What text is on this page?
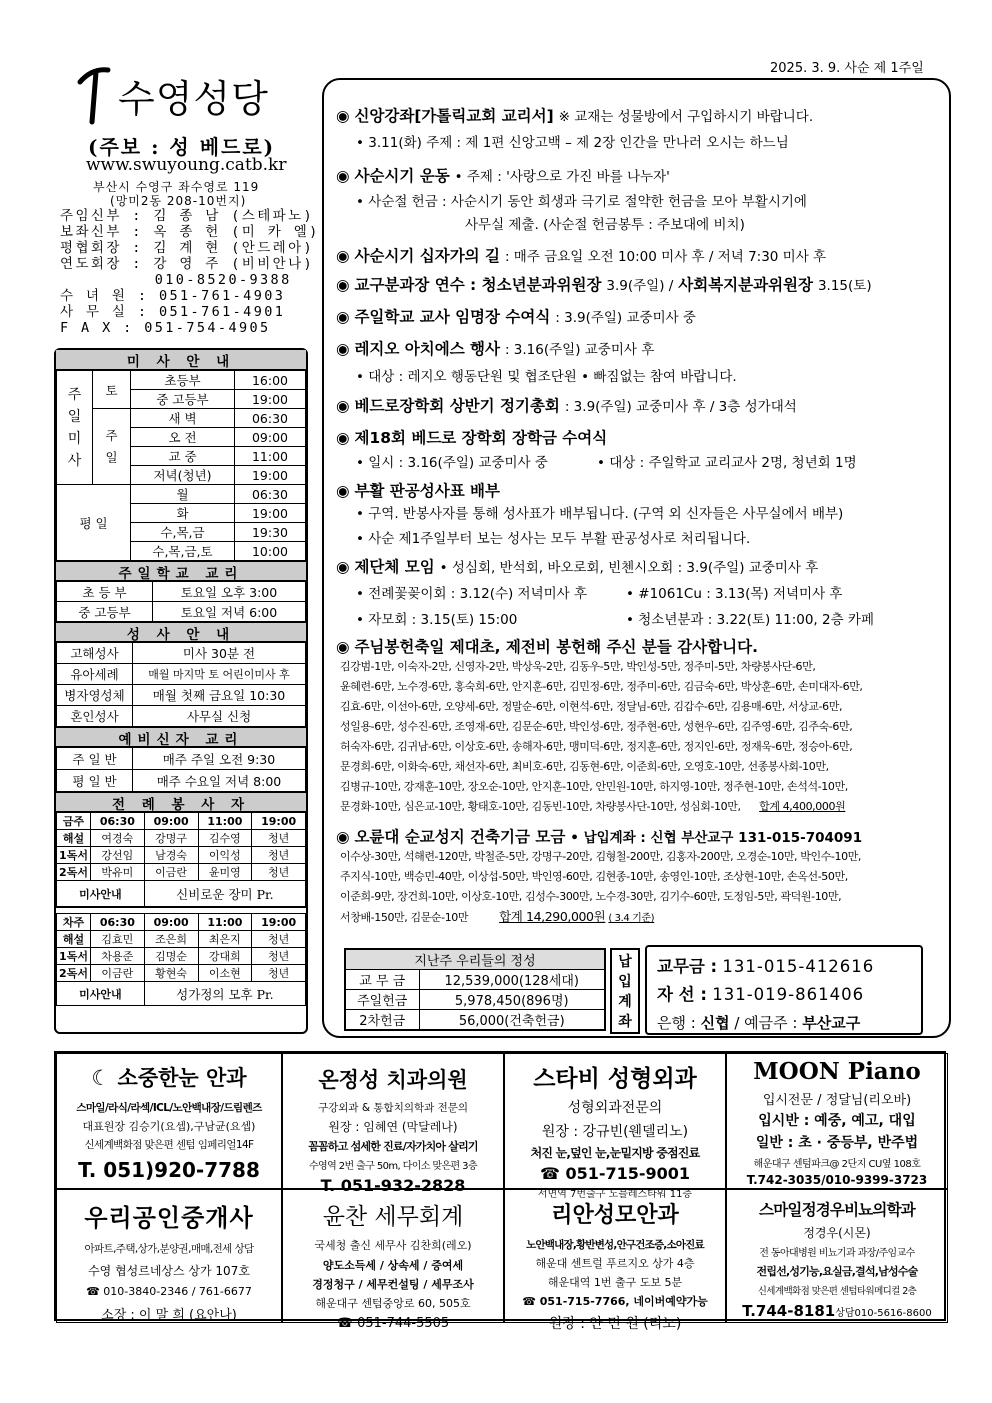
2025. 3. 9. 사순 제 1주일
수영성당
(주보 : 성 베드로)
www.swuyoung.catb.kr
부산시 수영구 좌수영로 119
(망미2동 208-10번지)
주임신부 : 김 종 남 (스테파노)
보좌신부 : 옥 종 헌 (미 카 엘)
평협회장 : 김 계 현 (안드레아)
연도회장 : 강 영 주 (비비안나)
010-8520-9388
수 녀 원 : 051-761-4903
사 무 실 : 051-761-4901
F A X : 051-754-4905
미 사 안 내
주
일
미
사	토	초등부	16:00
		중 고등부	19:00
	주
일	새 벽	06:30
		오 전	09:00
		교 중	11:00
		저녁(청년)	19:00
평 일		월	06:30
		화	19:00
		수,목,금	19:30
		수,목,금,토	10:00
주일학교 교리
초 등 부	토요일 오후 3:00
중 고등부	토요일 저녁 6:00
성 사 안 내
고해성사	미사 30분 전
유아세례	매월 마지막 토 어린이미사 후
병자영성체	매월 첫째 금요일 10:30
혼인성사	사무실 신청
예비신자 교리
주 일 반	매주 주일 오전 9:30
평 일 반	매주 수요일 저녁 8:00
전 례 봉 사 자
금주	06:30	09:00	11:00	19:00
해설	여경숙	강명구	김수영	청년
1독서	강선임	남경숙	이익성	청년
2독서	박유미	이금란	윤미영	청년
미사안내		신비로운 장미 Pr.		
차주	06:30	09:00	11:00	19:00
해설	김효민	조은희	최은지	청년
1독서	차용준	김명순	강대희	청년
2독서	이금란	황현숙	이소현	청년
미사안내		성가정의 모후 Pr.		
◉ 신앙강좌[가톨릭교회 교리서] ※ 교재는 성물방에서 구입하시기 바랍니다.
• 3.11(화) 주제 : 제 1편 신앙고백 – 제 2장 인간을 만나러 오시는 하느님
◉ 사순시기 운동 • 주제 : '사랑으로 가진 바를 나누자'
• 사순절 헌금 : 사순시기 동안 희생과 극기로 절약한 헌금을 모아 부활시기에
사무실 제출. (사순절 헌금봉투 : 주보대에 비치)
◉ 사순시기 십자가의 길 : 매주 금요일 오전 10:00 미사 후 / 저녁 7:30 미사 후
◉ 교구분과장 연수 : 청소년분과위원장 3.9(주일) / 사회복지분과위원장 3.15(토)
◉ 주일학교 교사 임명장 수여식 : 3.9(주일) 교중미사 중
◉ 레지오 아치에스 행사 : 3.16(주일) 교중미사 후
• 대상 : 레지오 행동단원 및 협조단원 • 빠짐없는 참여 바랍니다.
◉ 베드로장학회 상반기 정기총회 : 3.9(주일) 교중미사 후 / 3층 성가대석
◉ 제18회 베드로 장학회 장학금 수여식
• 일시 : 3.16(주일) 교중미사 중	• 대상 : 주일학교 교리교사 2명, 청년회 1명
◉ 부활 판공성사표 배부
• 구역. 반봉사자를 통해 성사표가 배부됩니다. (구역 외 신자들은 사무실에서 배부)
• 사순 제1주일부터 보는 성사는 모두 부활 판공성사로 처리됩니다.
◉ 제단체 모임 • 성심회, 반석회, 바오로회, 빈첸시오회 : 3.9(주일) 교중미사 후
• 전례꽃꽂이회 : 3.12(수) 저녁미사 후	• #1061Cu : 3.13(목) 저녁미사 후
• 자모회 : 3.15(토) 15:00	• 청소년분과 : 3.22(토) 11:00, 2층 카페
◉ 주님봉헌축일 제대초, 제전비 봉헌해 주신 분들 감사합니다.
김강범-1만, 이숙자-2만, 신영자-2만, 박상욱-2만, 김동우-5만, 박인성-5만, 정주미-5만, 차량봉사단-6만,
윤혜련-6만, 노수경-6만, 홍숙희-6만, 안지훈-6만, 김민정-6만, 정주미-6만, 김금숙-6만, 박상훈-6만, 손미대자-6만,
김효-6만, 이선아-6만, 오양세-6만, 정말순-6만, 이현석-6만, 정달님-6만, 김갑수-6만, 김용매-6만, 서상교-6만,
성일용-6만, 성수진-6만, 조영재-6만, 김문순-6만, 박인성-6만, 정주현-6만, 성현우-6만, 김주영-6만, 김주숙-6만,
허숙자-6만, 김귀남-6만, 이상호-6만, 송해자-6만, 맹미덕-6만, 정지훈-6만, 정지인-6만, 정재욱-6만, 정승아-6만,
문경희-6만, 이화숙-6만, 채선자-6만, 최비호-6만, 김동현-6만, 이준희-6만, 오영호-10만, 선종봉사회-10만,
김병규-10만, 강재훈-10만, 장오순-10만, 안지훈-10만, 안민원-10만, 하지영-10만, 정주현-10만, 손석석-10만,
문경화-10만, 심은교-10만, 황태호-10만, 김동빈-10만, 차량봉사단-10만, 성심회-10만, 합계 4,400,000원
◉ 오륜대 순교성지 건축기금 모금 • 납입계좌 : 신협 부산교구 131-015-704091
이수상-30만, 석해련-120만, 박철준-5만, 강명구-20만, 김형철-200만, 김홍자-200만, 오경순-10만, 박인수-10만,
주지식-10만, 백승민-40만, 이상섭-50만, 박인영-60만, 김현종-10만, 송영인-10만, 조상현-10만, 손옥선-50만,
이준희-9만, 장건희-10만, 이상호-10만, 김성수-300만, 노수경-30만, 김기수-60만, 도정임-5만, 곽덕원-10만,
서창배-150만, 김문순-10만 합계 14,290,000원 ( 3.4 기준)
지난주 우리들의 정성	
교 무 금	12,539,000(128세대)
주일헌금	5,978,450(896명)
2차헌금	56,000(건축헌금)
납입계좌
교무금 : 131-015-412616
자 선 : 131-019-861406
은행 : 신협 / 예금주 : 부산교구
☾ 소중한눈 안과
스마일/라식/라섹/ICL/노안백내장/드림렌즈
대표원장 김승기(요셉),구남균(요셉)
신세계백화점 맞은편 센텀 임페리얼14F
T. 051)920-7788
온정성 치과의원
구강외과 & 통합치의학과 전문의
원장 : 임혜연 (막달레나)
꼼꼼하고 섬세한 진료/자가치아 살리기
수영역 2번 출구 50m, 다이소 맞은편 3층
T. 051-932-2828
스타비 성형외과
성형외과전문의
원장 : 강규빈(웬델리노)
처진 눈,덮인 눈,눈밑지방 중점진료
☎ 051-715-9001
서면역 7번출구 노블레스타워 11층
MOON Piano
입시전문 / 정달님(리오바)
입시반 : 예중, 예고, 대입
일반 : 초 · 중등부, 반주법
해운대구 센텀파크@ 2단지 CU옆 108호
T.742-3035/010-9399-3723
우리공인중개사
아파트,주택,상가,분양권,매매,전세 상담
수영 협성르네상스 상가 107호
☎ 010-3840-2346 / 761-6677
소장 : 이 말 희 (요안나)
윤찬 세무회계
국세청 출신 세무사 김찬희(레오)
양도소득세 / 상속세 / 증여세
경정청구 / 세무컨설팅 / 세무조사
해운대구 센텀중앙로 60, 505호
☎ 051-744-5505
리안성모안과
노안백내장,황반변성,안구건조증,소아진료
해운대 센트럴 푸르지오 상가 4층
해운대역 1번 출구 도보 5분
☎ 051-715-7766, 네이버예약가능
원장 : 안 민 원 (리노)
스마일정경우비뇨의학과
정경우(시몬)
전 동아대병원 비뇨기과 과장/주임교수
전립선,성기능,요실금,결석,남성수술
신세계백화점 맞은편 센텀타워메디컬 2층
T.744-8181상담010-5616-8600
